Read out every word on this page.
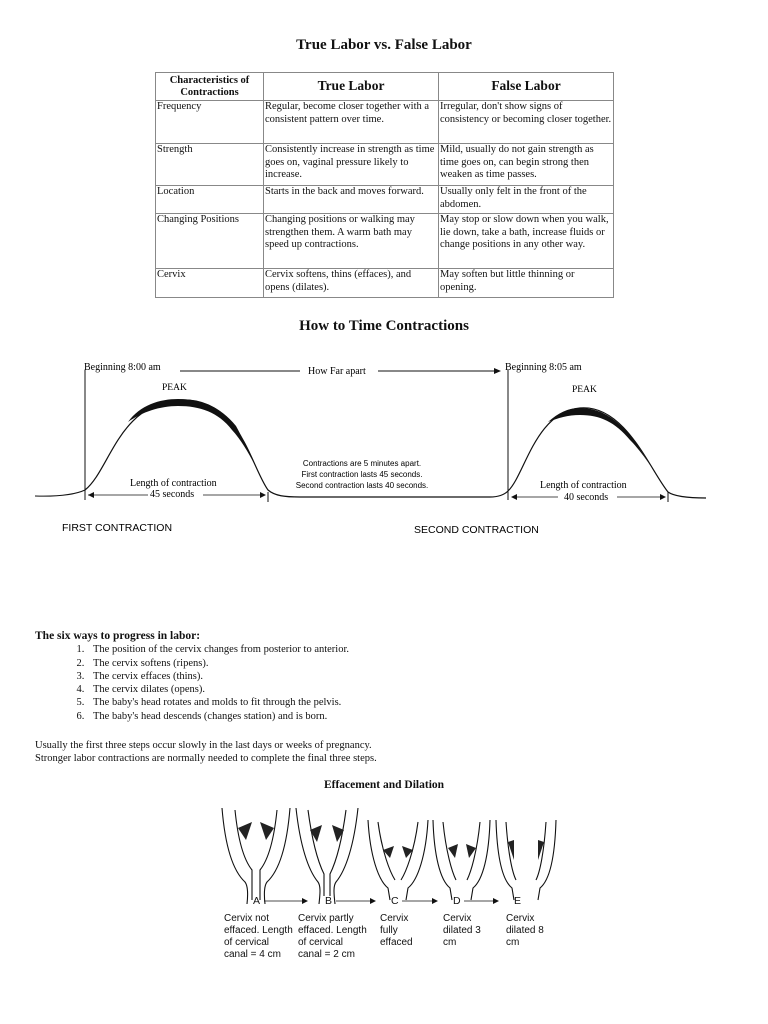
True Labor vs. False Labor
Characteristics of Contractions	True Labor	False Labor
Frequency	Regular, become closer together with a consistent pattern over time.	Irregular, don't show signs of consistency or becoming closer together.
Strength	Consistently increase in strength as time goes on, vaginal pressure likely to increase.	Mild, usually do not gain strength as time goes on, can begin strong then weaken as time passes.
Location	Starts in the back and moves forward.	Usually only felt in the front of the abdomen.
Changing Positions	Changing positions or walking may strengthen them. A warm bath may speed up contractions.	May stop or slow down when you walk, lie down, take a bath, increase fluids or change positions in any other way.
Cervix	Cervix softens, thins (effaces), and opens (dilates).	May soften but little thinning or opening.
How to Time Contractions
Beginning 8:00 am	How Far apart	Beginning 8:05 am
PEAK	PEAK
Length of contraction
45 seconds
Length of contraction
40 seconds
Contractions are 5 minutes apart.
First contraction lasts 45 seconds.
Second contraction lasts 40 seconds.
FIRST CONTRACTION	SECOND CONTRACTION
The six ways to progress in labor:
1. The position of the cervix changes from posterior to anterior.
2. The cervix softens (ripens).
3. The cervix effaces (thins).
4. The cervix dilates (opens).
5. The baby's head rotates and molds to fit through the pelvis.
6. The baby's head descends (changes station) and is born.
Usually the first three steps occur slowly in the last days or weeks of pregnancy.
Stronger labor contractions are normally needed to complete the final three steps.
Effacement and Dilation
A	B	C	D	E
Cervix not effaced. Length of cervical canal = 4 cm
Cervix partly effaced. Length of cervical canal = 2 cm
Cervix fully effaced
Cervix dilated 3 cm
Cervix dilated 8 cm
